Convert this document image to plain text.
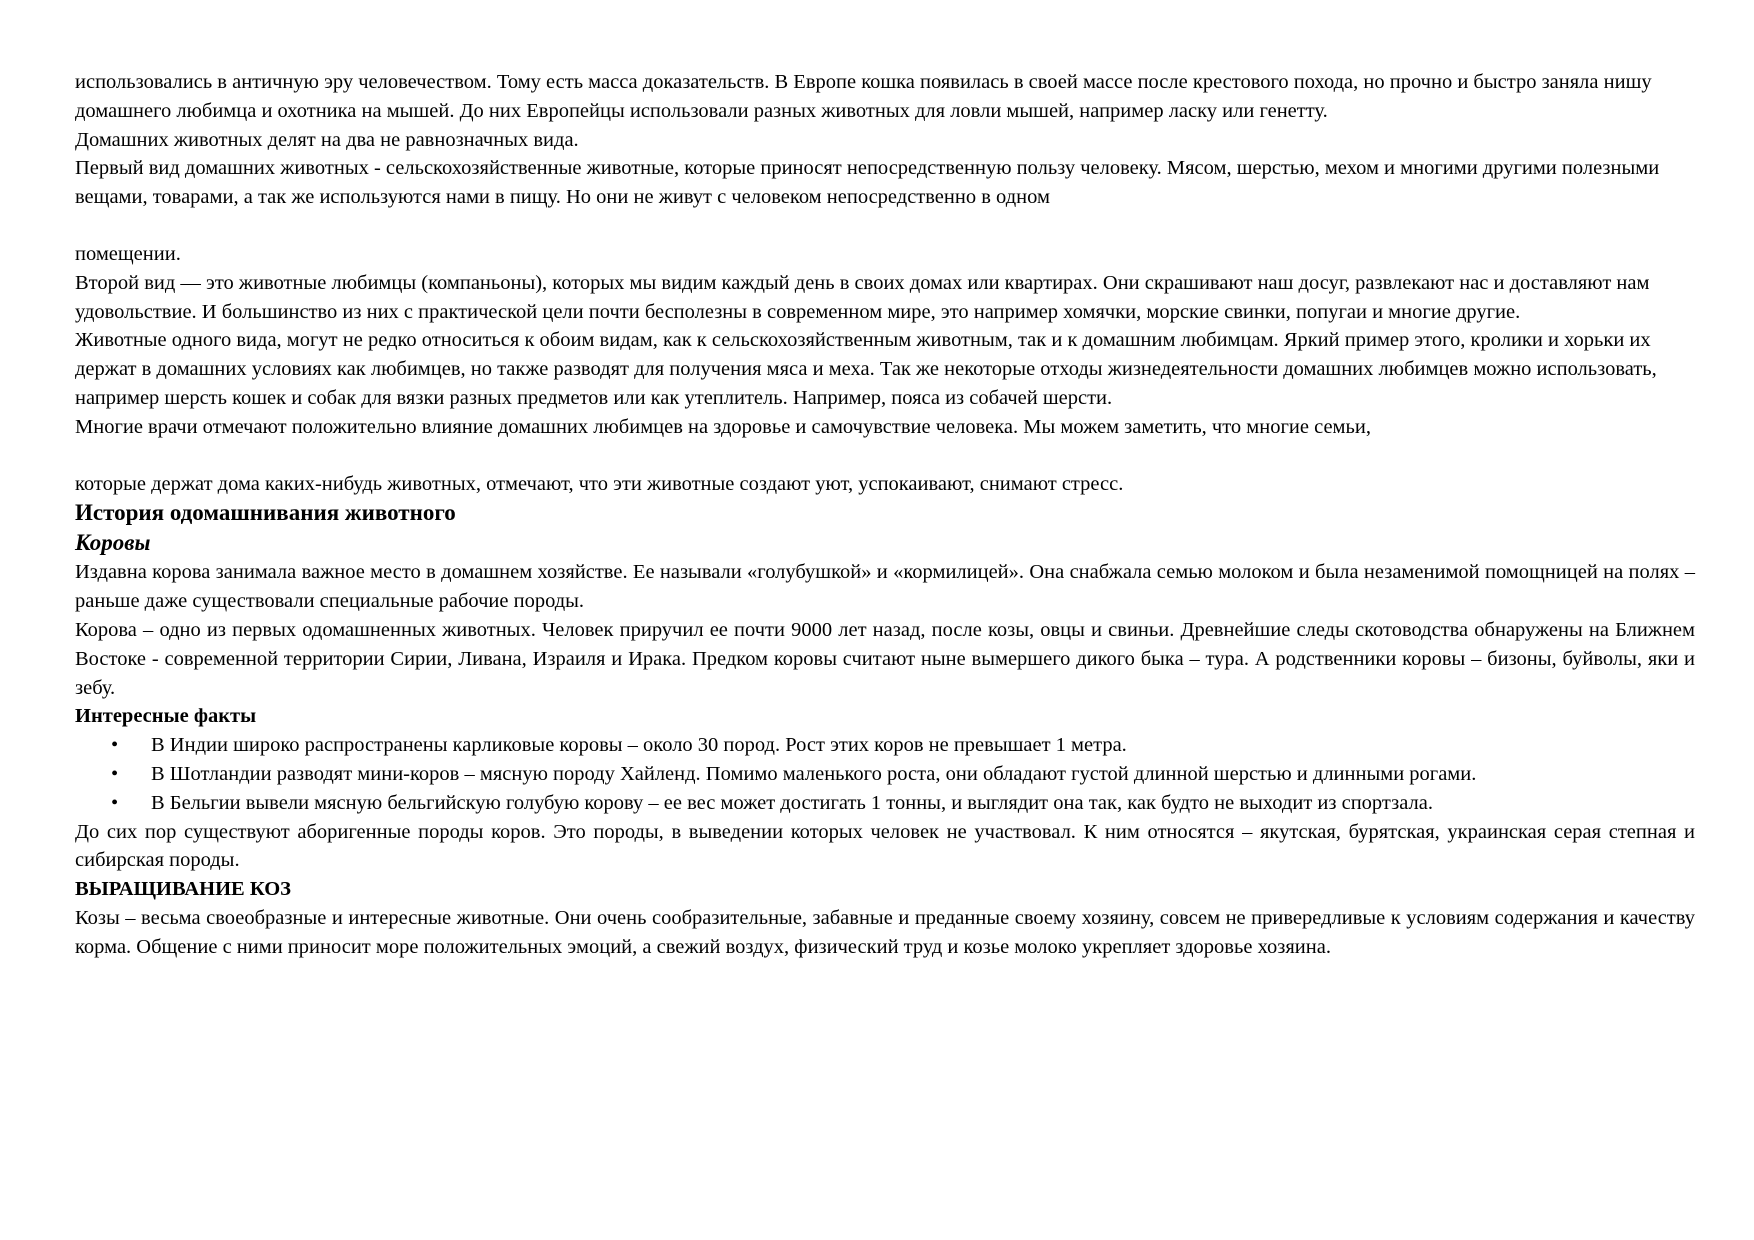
использовались в античную эру человечеством. Тому есть масса доказательств. В Европе кошка появилась в своей массе после крестового похода, но прочно и быстро заняла нишу домашнего любимца и охотника на мышей. До них Европейцы использовали разных животных для ловли мышей, например ласку или генетту.

Домашних животных делят на два не равнозначных вида.

Первый вид домашних животных - сельскохозяйственные животные, которые приносят непосредственную пользу человеку. Мясом, шерстью, мехом и многими другими полезными вещами, товарами, а так же используются нами в пищу. Но они не живут с человеком непосредственно в одном

помещении.

Второй вид — это животные любимцы (компаньоны), которых мы видим каждый день в своих домах или квартирах. Они скрашивают наш досуг, развлекают нас и доставляют нам удовольствие. И большинство из них с практической цели почти бесполезны в современном мире, это например хомячки, морские свинки, попугаи и многие другие.

Животные одного вида, могут не редко относиться к обоим видам, как к сельскохозяйственным животным, так и к домашним любимцам. Яркий пример этого, кролики и хорьки их держат в домашних условиях как любимцев, но также разводят для получения мяса и меха. Так же некоторые отходы жизнедеятельности домашних любимцев можно использовать, например шерсть кошек и собак для вязки разных предметов или как утеплитель. Например, пояса из собачей шерсти.

Многие врачи отмечают положительно влияние домашних любимцев на здоровье и самочувствие человека. Мы можем заметить, что многие семьи,

которые держат дома каких-нибудь животных, отмечают, что эти животные создают уют, успокаивают, снимают стресс.

История одомашнивания животного
Коровы

Издавна корова занимала важное место в домашнем хозяйстве. Ее называли «голубушкой» и «кормилицей». Она снабжала семью молоком и была незаменимой помощницей на полях – раньше даже существовали специальные рабочие породы.

Корова – одно из первых одомашненных животных. Человек приручил ее почти 9000 лет назад, после козы, овцы и свиньи. Древнейшие следы скотоводства обнаружены на Ближнем Востоке - современной территории Сирии, Ливана, Израиля и Ирака. Предком коровы считают ныне вымершего дикого быка – тура. А родственники коровы – бизоны, буйволы, яки и зебу.

Интересные факты
• В Индии широко распространены карликовые коровы – около 30 пород. Рост этих коров не превышает 1 метра.
• В Шотландии разводят мини-коров – мясную породу Хайленд. Помимо маленького роста, они обладают густой длинной шерстью и длинными рогами.
• В Бельгии вывели мясную бельгийскую голубую корову – ее вес может достигать 1 тонны, и выглядит она так, как будто не выходит из спортзала.

До сих пор существуют аборигенные породы коров. Это породы, в выведении которых человек не участвовал. К ним относятся – якутская, бурятская, украинская серая степная и сибирская породы.

ВЫРАЩИВАНИЕ КОЗ

Козы – весьма своеобразные и интересные животные. Они очень сообразительные, забавные и преданные своему хозяину, совсем не привередливые к условиям содержания и качеству корма. Общение с ними приносит море положительных эмоций, а свежий воздух, физический труд и козье молоко укрепляет здоровье хозяина.
